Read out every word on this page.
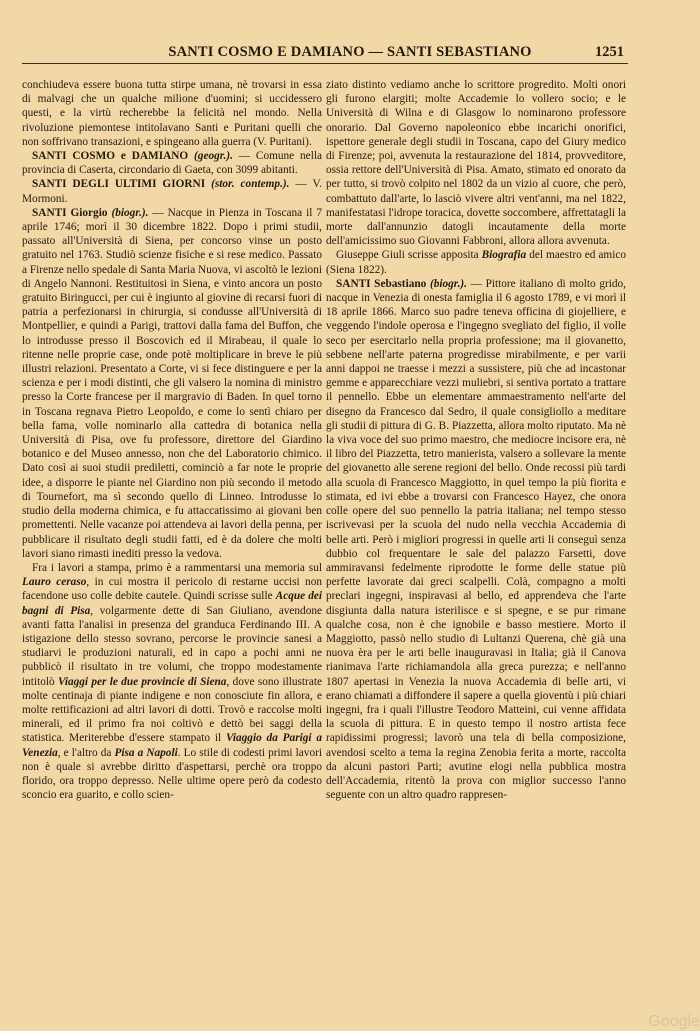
SANTI COSMO E DAMIANO — SANTI SEBASTIANO	1251

conchiudeva essere buona tutta stirpe umana, nè trovarsi in essa di malvagi che un qualche milione d'uomini; si uccidessero questi, e la virtù recherebbe la felicità nel mondo. Nella rivoluzione piemontese intitolavano Santi e Puritani quelli che non soffrivano transazioni, e spingeano alla guerra (V. Puritani).

SANTI COSMO e DAMIANO (geogr.). — Comune nella provincia di Caserta, circondario di Gaeta, con 3099 abitanti.

SANTI DEGLI ULTIMI GIORNI (stor. contemp.). — V. Mormoni.

SANTI Giorgio (biogr.). — Nacque in Pienza in Toscana il 7 aprile 1746; morì il 30 dicembre 1822. Dopo i primi studii, passato all'Università di Siena, per concorso vinse un posto gratuito nel 1763. Studiò scienze fisiche e si rese medico. Passato a Firenze nello spedale di Santa Maria Nuova, vi ascoltò le lezioni di Angelo Nannoni. Restituitosi in Siena, e vinto ancora un posto gratuito Biringucci, per cui è ingiunto al giovine di recarsi fuori di patria a perfezionarsi in chirurgia, si condusse all'Università di Montpellier, e quindi a Parigi, trattovi dalla fama del Buffon, che lo introdusse presso il Boscovich ed il Mirabeau, il quale lo ritenne nelle proprie case, onde potè moltiplicare in breve le più illustri relazioni. Presentato a Corte, vi si fece distinguere e per la scienza e per i modi distinti, che gli valsero la nomina di ministro presso la Corte francese per il margravio di Baden. In quel torno in Toscana regnava Pietro Leopoldo, e come lo sentì chiaro per bella fama, volle nominarlo alla cattedra di botanica nella Università di Pisa, ove fu professore, direttore del Giardino botanico e del Museo annesso, non che del Laboratorio chimico. Dato così ai suoi studii prediletti, cominciò a far note le proprie idee, a disporre le piante nel Giardino non più secondo il metodo di Tournefort, ma sì secondo quello di Linneo. Introdusse lo studio della moderna chimica, e fu attaccatissimo ai giovani ben promettenti. Nelle vacanze poi attendeva ai lavori della penna, per pubblicare il risultato degli studii fatti, ed è da dolere che molti lavori siano rimasti inediti presso la vedova.

Fra i lavori a stampa, primo è a rammentarsi una memoria sul Lauro ceraso, in cui mostra il pericolo di restarne uccisi non facendone uso colle debite cautele. Quindi scrisse sulle Acque dei bagni di Pisa, volgarmente dette di San Giuliano, avendone avanti fatta l'analisi in presenza del granduca Ferdinando III. A istigazione dello stesso sovrano, percorse le provincie sanesi a studiarvi le produzioni naturali, ed in capo a pochi anni ne pubblicò il risultato in tre volumi, che troppo modestamente intitolò Viaggi per le due provincie di Siena, dove sono illustrate molte centinaja di piante indigene e non conosciute fin allora, e molte rettificazioni ad altri lavori di dotti. Trovò e raccolse molti minerali, ed il primo fra noi coltivò e dettò bei saggi della statistica. Meriterebbe d'essere stampato il Viaggio da Parigi a Venezia, e l'altro da Pisa a Napoli. Lo stile di codesti primi lavori non è quale si avrebbe diritto d'aspettarsi, perchè ora troppo florido, ora troppo depresso. Nelle ultime opere però da codesto sconcio era guarito, e collo scien-

ziato distinto vediamo anche lo scrittore progredito. Molti onori gli furono elargiti; molte Accademie lo vollero socio; e le Università di Wilna e di Glasgow lo nominarono professore onorario. Dal Governo napoleonico ebbe incarichi onorifici, ispettore generale degli studii in Toscana, capo del Giury medico di Firenze; poi, avvenuta la restaurazione del 1814, provveditore, ossia rettore dell'Università di Pisa. Amato, stimato ed onorato da per tutto, si trovò colpito nel 1802 da un vizio al cuore, che però, combattuto dall'arte, lo lasciò vivere altri vent'anni, ma nel 1822, manifestatasi l'idrope toracica, dovette soccombere, affrettatagli la morte dall'annunzio datogli incautamente della morte dell'amicissimo suo Giovanni Fabbroni, allora allora avvenuta.

Giuseppe Giuli scrisse apposita Biografia del maestro ed amico (Siena 1822).

SANTI Sebastiano (biogr.). — Pittore italiano di molto grido, nacque in Venezia di onesta famiglia il 6 agosto 1789, e vi morì il 18 aprile 1866. Marco suo padre teneva officina di giojelliere, e veggendo l'indole operosa e l'ingegno svegliato del figlio, il volle seco per esercitarlo nella propria professione; ma il giovanetto, sebbene nell'arte paterna progredisse mirabilmente, e per varii anni dappoi ne traesse i mezzi a sussistere, più che ad incastonar gemme e apparecchiare vezzi muliebri, si sentiva portato a trattare il pennello. Ebbe un elementare ammaestramento nell'arte del disegno da Francesco dal Sedro, il quale consigliollo a meditare gli studii di pittura di G. B. Piazzetta, allora molto riputato. Ma nè la viva voce del suo primo maestro, che mediocre incisore era, nè il libro del Piazzetta, tetro manierista, valsero a sollevare la mente del giovanetto alle serene regioni del bello. Onde recossi più tardi alla scuola di Francesco Maggiotto, in quel tempo la più fiorita e stimata, ed ivi ebbe a trovarsi con Francesco Hayez, che onora colle opere del suo pennello la patria italiana; nel tempo stesso iscrivevasi per la scuola del nudo nella vecchia Accademia di belle arti. Però i migliori progressi in quelle arti li conseguì senza dubbio col frequentare le sale del palazzo Farsetti, dove ammiravansi fedelmente riprodotte le forme delle statue più perfette lavorate dai greci scalpelli. Colà, compagno a molti preclari ingegni, inspiravasi al bello, ed apprendeva che l'arte disgiunta dalla natura isterilisce e si spegne, e se pur rimane qualche cosa, non è che ignobile e basso mestiere. Morto il Maggiotto, passò nello studio di Lultanzi Querena, chè già una nuova èra per le arti belle inauguravasi in Italia; già il Canova rianimava l'arte richiamandola alla greca purezza; e nell'anno 1807 apertasi in Venezia la nuova Accademia di belle arti, vi erano chiamati a diffondere il sapere a quella gioventù i più chiari ingegni, fra i quali l'illustre Teodoro Matteini, cui venne affidata la scuola di pittura. E in questo tempo il nostro artista fece rapidissimi progressi; lavorò una tela di bella composizione, avendosi scelto a tema la regina Zenobia ferita a morte, raccolta da alcuni pastori Parti; avutine elogi nella pubblica mostra dell'Accademia, ritentò la prova con miglior successo l'anno seguente con un altro quadro rappresen-

Google
